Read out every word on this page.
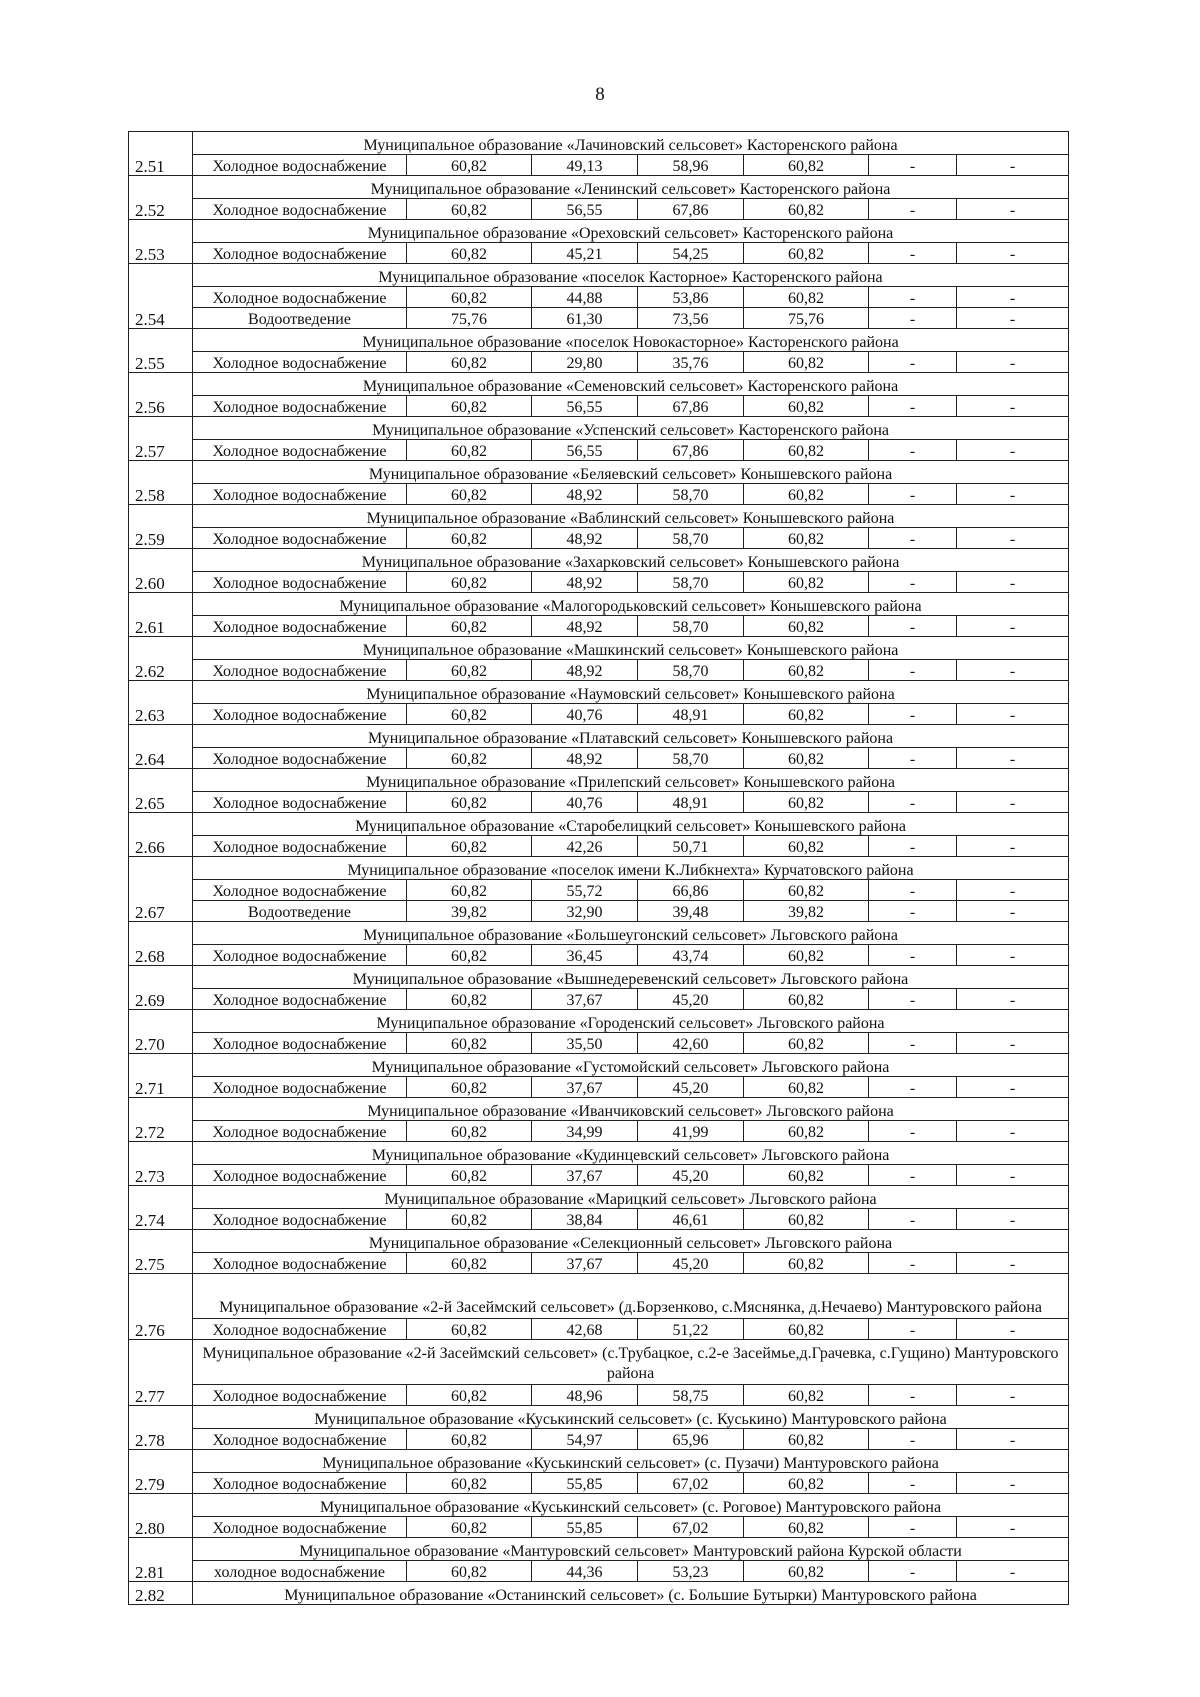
8
2.51	Муниципальное образование «Лачиновский сельсовет» Касторенского района						
	Холодное водоснабжение	60,82	49,13	58,96	60,82	-	-
2.52	Муниципальное образование «Ленинский сельсовет» Касторенского района						
	Холодное водоснабжение	60,82	56,55	67,86	60,82	-	-
2.53	Муниципальное образование «Ореховский сельсовет» Касторенского района						
	Холодное водоснабжение	60,82	45,21	54,25	60,82	-	-
2.54	Муниципальное образование «поселок Касторное» Касторенского района						
	Холодное водоснабжение	60,82	44,88	53,86	60,82	-	-
	Водоотведение	75,76	61,30	73,56	75,76	-	-
2.55	Муниципальное образование «поселок Новокасторное» Касторенского района						
	Холодное водоснабжение	60,82	29,80	35,76	60,82	-	-
2.56	Муниципальное образование «Семеновский сельсовет» Касторенского района						
	Холодное водоснабжение	60,82	56,55	67,86	60,82	-	-
2.57	Муниципальное образование «Успенский сельсовет» Касторенского района						
	Холодное водоснабжение	60,82	56,55	67,86	60,82	-	-
2.58	Муниципальное образование «Беляевский сельсовет» Конышевского района						
	Холодное водоснабжение	60,82	48,92	58,70	60,82	-	-
2.59	Муниципальное образование «Ваблинский сельсовет» Конышевского района						
	Холодное водоснабжение	60,82	48,92	58,70	60,82	-	-
2.60	Муниципальное образование «Захарковский сельсовет» Конышевского района						
	Холодное водоснабжение	60,82	48,92	58,70	60,82	-	-
2.61	Муниципальное образование «Малогородьковский сельсовет» Конышевского района						
	Холодное водоснабжение	60,82	48,92	58,70	60,82	-	-
2.62	Муниципальное образование «Машкинский сельсовет» Конышевского района						
	Холодное водоснабжение	60,82	48,92	58,70	60,82	-	-
2.63	Муниципальное образование «Наумовский сельсовет» Конышевского района						
	Холодное водоснабжение	60,82	40,76	48,91	60,82	-	-
2.64	Муниципальное образование «Платавский сельсовет» Конышевского района						
	Холодное водоснабжение	60,82	48,92	58,70	60,82	-	-
2.65	Муниципальное образование «Прилепский сельсовет» Конышевского района						
	Холодное водоснабжение	60,82	40,76	48,91	60,82	-	-
2.66	Муниципальное образование «Старобелицкий сельсовет» Конышевского района						
	Холодное водоснабжение	60,82	42,26	50,71	60,82	-	-
2.67	Муниципальное образование «поселок имени К.Либкнехта» Курчатовского района						
	Холодное водоснабжение	60,82	55,72	66,86	60,82	-	-
	Водоотведение	39,82	32,90	39,48	39,82	-	-
2.68	Муниципальное образование «Большеугонский сельсовет» Льговского района						
	Холодное водоснабжение	60,82	36,45	43,74	60,82	-	-
2.69	Муниципальное образование «Вышнедеревенский сельсовет» Льговского района						
	Холодное водоснабжение	60,82	37,67	45,20	60,82	-	-
2.70	Муниципальное образование «Городенский сельсовет» Льговского района						
	Холодное водоснабжение	60,82	35,50	42,60	60,82	-	-
2.71	Муниципальное образование «Густомойский сельсовет» Льговского района						
	Холодное водоснабжение	60,82	37,67	45,20	60,82	-	-
2.72	Муниципальное образование «Иванчиковский сельсовет» Льговского района						
	Холодное водоснабжение	60,82	34,99	41,99	60,82	-	-
2.73	Муниципальное образование «Кудинцевский сельсовет» Льговского района						
	Холодное водоснабжение	60,82	37,67	45,20	60,82	-	-
2.74	Муниципальное образование «Марицкий сельсовет» Льговского района						
	Холодное водоснабжение	60,82	38,84	46,61	60,82	-	-
2.75	Муниципальное образование «Селекционный сельсовет» Льговского района						
	Холодное водоснабжение	60,82	37,67	45,20	60,82	-	-
2.76	Муниципальное образование «2-й Засеймский сельсовет» (д.Борзенково, с.Мяснянка, д.Нечаево) Мантуровского района						
	Холодное водоснабжение	60,82	42,68	51,22	60,82	-	-
2.77	Муниципальное образование «2-й Засеймский сельсовет» (с.Трубацкое, с.2-е Засеймье,д.Грачевка, с.Гущино) Мантуровского района						
	Холодное водоснабжение	60,82	48,96	58,75	60,82	-	-
2.78	Муниципальное образование «Куськинский сельсовет» (с. Куськино) Мантуровского района						
	Холодное водоснабжение	60,82	54,97	65,96	60,82	-	-
2.79	Муниципальное образование «Куськинский сельсовет» (с. Пузачи) Мантуровского района						
	Холодное водоснабжение	60,82	55,85	67,02	60,82	-	-
2.80	Муниципальное образование «Куськинский сельсовет» (с. Роговое) Мантуровского района						
	Холодное водоснабжение	60,82	55,85	67,02	60,82	-	-
2.81	Муниципальное образование «Мантуровский сельсовет» Мантуровский района Курской области						
	холодное водоснабжение	60,82	44,36	53,23	60,82	-	-
2.82	Муниципальное образование «Останинский сельсовет» (с. Большие Бутырки) Мантуровского района						
